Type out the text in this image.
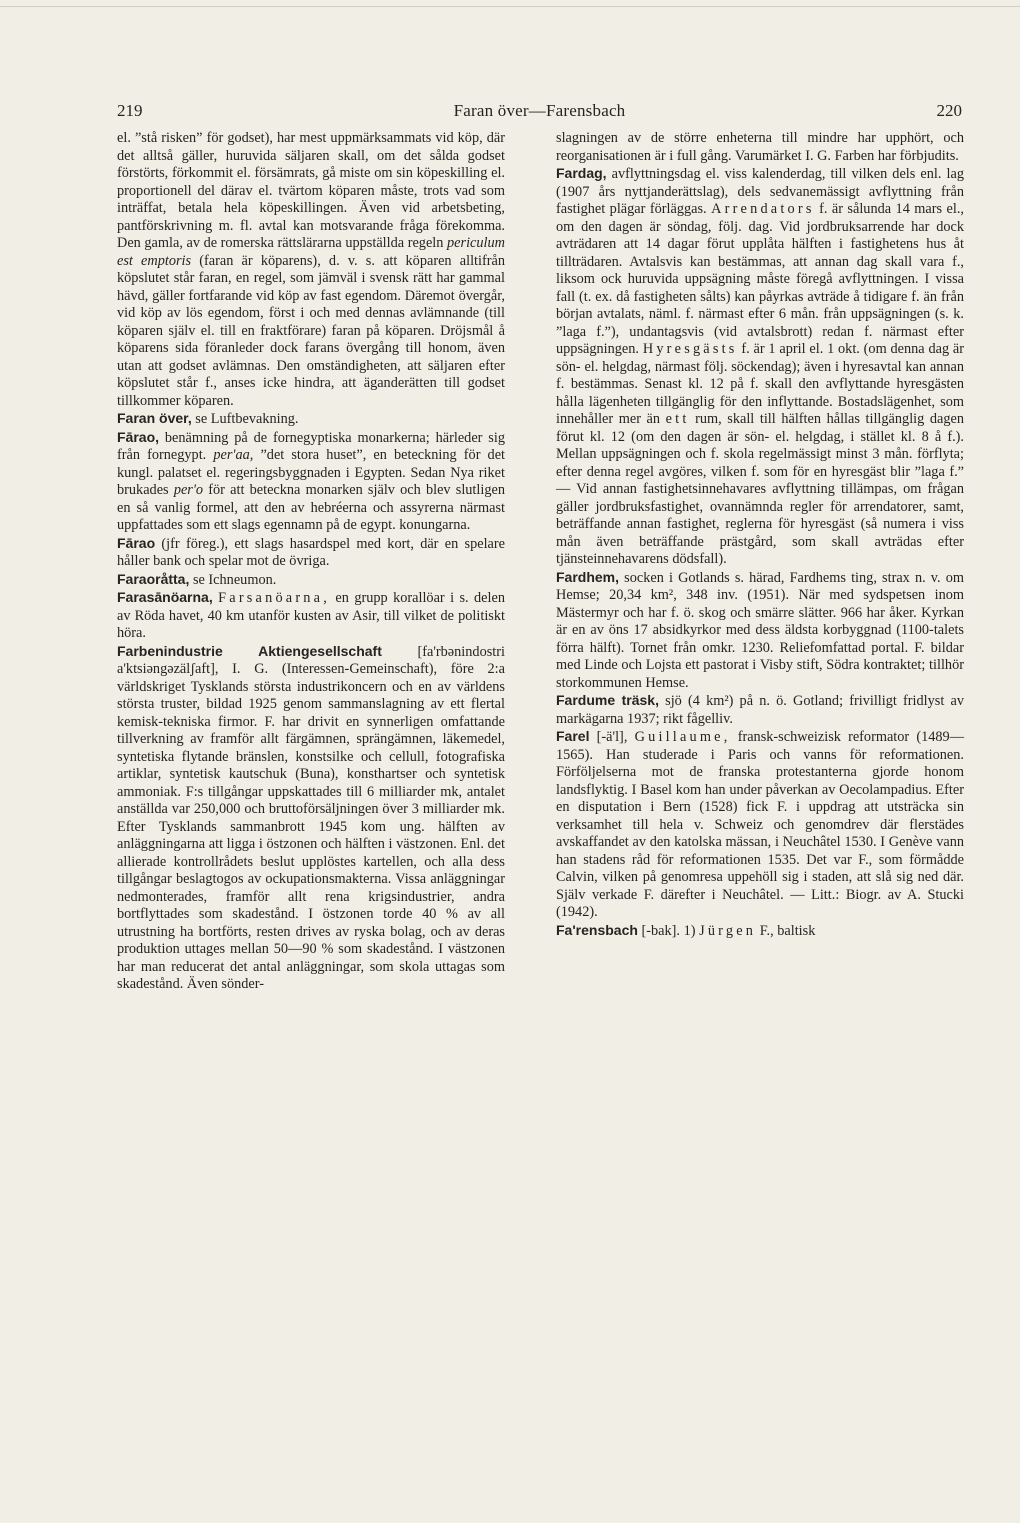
219	Faran över—Farensbach	220

el. ”stå risken” för godset), har mest uppmärksammats vid köp, där det alltså gäller, huruvida säljaren skall, om det sålda godset förstörts, förkommit el. försämrats, gå miste om sin köpeskilling el. proportionell del därav el. tvärtom köparen måste, trots vad som inträffat, betala hela köpeskillingen. Även vid arbetsbeting, pantförskrivning m. fl. avtal kan motsvarande fråga förekomma. Den gamla, av de romerska rättslärarna uppställda regeln periculum est emptoris (faran är köparens), d. v. s. att köparen alltifrån köpslutet står faran, en regel, som jämväl i svensk rätt har gammal hävd, gäller fortfarande vid köp av fast egendom. Däremot övergår, vid köp av lös egendom, först i och med dennas avlämnande (till köparen själv el. till en fraktförare) faran på köparen. Dröjsmål å köparens sida föranleder dock farans övergång till honom, även utan att godset avlämnas. Den omständigheten, att säljaren efter köpslutet står f., anses icke hindra, att äganderätten till godset tillkommer köparen.

Faran över, se Luftbevakning.

Fārao, benämning på de fornegyptiska monarkerna; härleder sig från fornegypt. per'aa, ”det stora huset”, en beteckning för det kungl. palatset el. regeringsbyggnaden i Egypten. Sedan Nya riket brukades per'o för att beteckna monarken själv och blev slutligen en så vanlig formel, att den av hebréerna och assyrerna närmast uppfattades som ett slags egennamn på de egypt. konungarna.

Fārao (jfr föreg.), ett slags hasardspel med kort, där en spelare håller bank och spelar mot de övriga.

Faraoråtta, se Ichneumon.

Farasānöarna, Farsanöarna, en grupp korallöar i s. delen av Röda havet, 40 km utanför kusten av Asir, till vilket de politiskt höra.

Farbenindustrie Aktiengesellschaft [fa'rbənindostri a'ktsiəngəzälʃaft], I. G. (Interessen-Gemeinschaft), före 2:a världskriget Tysklands största industrikoncern och en av världens största truster, bildad 1925 genom sammanslagning av ett flertal kemisk-tekniska firmor. F. har drivit en synnerligen omfattande tillverkning av framför allt färgämnen, sprängämnen, läkemedel, syntetiska flytande bränslen, konstsilke och cellull, fotografiska artiklar, syntetisk kautschuk (Buna), konsthartser och syntetisk ammoniak. F:s tillgångar uppskattades till 6 milliarder mk, antalet anställda var 250,000 och bruttoförsäljningen över 3 milliarder mk. Efter Tysklands sammanbrott 1945 kom ung. hälften av anläggningarna att ligga i östzonen och hälften i västzonen. Enl. det allierade kontrollrådets beslut upplöstes kartellen, och alla dess tillgångar beslagtogos av ockupationsmakterna. Vissa anläggningar nedmonterades, framför allt rena krigsindustrier, andra bortflyttades som skadestånd. I östzonen torde 40 % av all utrustning ha bortförts, resten drives av ryska bolag, och av deras produktion uttages mellan 50—90 % som skadestånd. I västzonen har man reducerat det antal anläggningar, som skola uttagas som skadestånd. Även sönder-

slagningen av de större enheterna till mindre har upphört, och reorganisationen är i full gång. Varumärket I. G. Farben har förbjudits.

Fardag, avflyttningsdag el. viss kalenderdag, till vilken dels enl. lag (1907 års nyttjanderättslag), dels sedvanemässigt avflyttning från fastighet plägar förläggas. Arrendators f. är sålunda 14 mars el., om den dagen är söndag, följ. dag. Vid jordbruksarrende har dock avträdaren att 14 dagar förut upplåta hälften i fastighetens hus åt tillträdaren. Avtalsvis kan bestämmas, att annan dag skall vara f., liksom ock huruvida uppsägning måste föregå avflyttningen. I vissa fall (t. ex. då fastigheten sålts) kan påyrkas avträde å tidigare f. än från början avtalats, näml. f. närmast efter 6 mån. från uppsägningen (s. k. ”laga f.”), undantagsvis (vid avtalsbrott) redan f. närmast efter uppsägningen. Hyresgästs f. är 1 april el. 1 okt. (om denna dag är sön- el. helgdag, närmast följ. söckendag); även i hyresavtal kan annan f. bestämmas. Senast kl. 12 på f. skall den avflyttande hyresgästen hålla lägenheten tillgänglig för den inflyttande. Bostadslägenhet, som innehåller mer än ett rum, skall till hälften hållas tillgänglig dagen förut kl. 12 (om den dagen är sön- el. helgdag, i stället kl. 8 å f.). Mellan uppsägningen och f. skola regelmässigt minst 3 mån. förflyta; efter denna regel avgöres, vilken f. som för en hyresgäst blir ”laga f.” — Vid annan fastighetsinnehavares avflyttning tillämpas, om frågan gäller jordbruksfastighet, ovannämnda regler för arrendatorer, samt, beträffande annan fastighet, reglerna för hyresgäst (så numera i viss mån även beträffande prästgård, som skall avträdas efter tjänsteinnehavarens dödsfall).

Fardhem, socken i Gotlands s. härad, Fardhems ting, strax n. v. om Hemse; 20,34 km², 348 inv. (1951). När med sydspetsen inom Mästermyr och har f. ö. skog och smärre slätter. 966 har åker. Kyrkan är en av öns 17 absidkyrkor med dess äldsta korbyggnad (1100-talets förra hälft). Tornet från omkr. 1230. Reliefomfattad portal. F. bildar med Linde och Lojsta ett pastorat i Visby stift, Södra kontraktet; tillhör storkommunen Hemse.

Fardume träsk, sjö (4 km²) på n. ö. Gotland; frivilligt fridlyst av markägarna 1937; rikt fågelliv.

Farel [-ä'l], Guillaume, fransk-schweizisk reformator (1489—1565). Han studerade i Paris och vanns för reformationen. Förföljelserna mot de franska protestanterna gjorde honom landsflyktig. I Basel kom han under påverkan av Oecolampadius. Efter en disputation i Bern (1528) fick F. i uppdrag att utsträcka sin verksamhet till hela v. Schweiz och genomdrev där flerstädes avskaffandet av den katolska mässan, i Neuchâtel 1530. I Genève vann han stadens råd för reformationen 1535. Det var F., som förmådde Calvin, vilken på genomresa uppehöll sig i staden, att slå sig ned där. Själv verkade F. därefter i Neuchâtel. — Litt.: Biogr. av A. Stucki (1942).

Fa'rensbach [-bak]. 1) Jürgen F., baltisk
